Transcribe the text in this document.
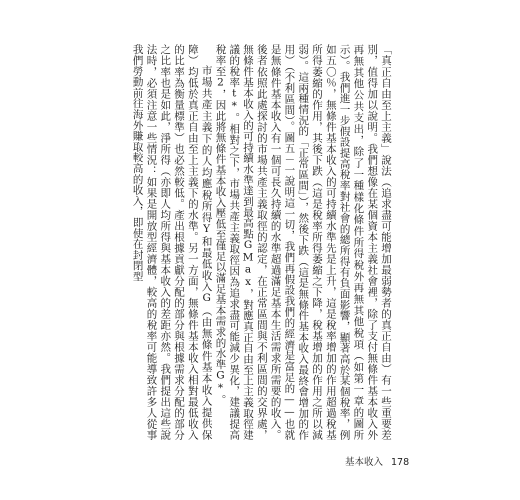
「真正自由至上主義」說法（追求盡可能增加最弱勢者的真正自由）有一些重要差別，值得加以說明。我們想像在某個資本主義社會裡，除了支付無條件基本收入外再無其他公共支出，除了一種樣化條件所得稅外再無其他稅項（如第一章的圖所示）。我們進一步假設提高稅率對社會的總所得有負面影響，顯著高於某個稅率，例如五〇％，無條件基本收入的可持續水準先是上升，這是稅率增加的作用超過稅基所得萎縮的作用，其後下跌（這是稅率所得萎縮之下降，稅基增加的作用之所以減弱）。這兩種情況的「正常區間」），然後下跌（這是無條件基本收入最終會增加的作用）（不利區間）。圖五－一說明這一切，我們再假設我們的經濟是富足的——也就是無條件基本收入有一個可長久持續的水準超過滿足基本生活需求所需要的收入。後者依照此處探討的市場共產主義取徑的認定，在正常區間與不利區間的交界處，無條件基本收入的可持續水準達到最高點GMax，對應真正自由至上主義取徑建議的稅率t*。相對之下，市場共產主義取徑因為追求盡可能減少異化，建議提高稅率至2，因此將無條件基本收入壓低至僅足以滿足基本需求的水準G*。

市場共產主義下的人均應稅所得Y和最低收入G（由無條件基本收入提供保障）均低於真正自由至上主義下的水準。另一方面，無條件基本收入相對最低收入的比率為衡量標準）也必然較低。產出根據貢獻分配的部分與根據需求分配的部分之比率也是如此，淨所得（亦即人均所得與基本收入的差距亦然。我們提出這些說法時，必須注意一些情況：如果是開放型經濟體，較高的稅率可能導致許多人從事我們勞動前往海外賺取較高的收入，即使在封閉型

基本收入 178
